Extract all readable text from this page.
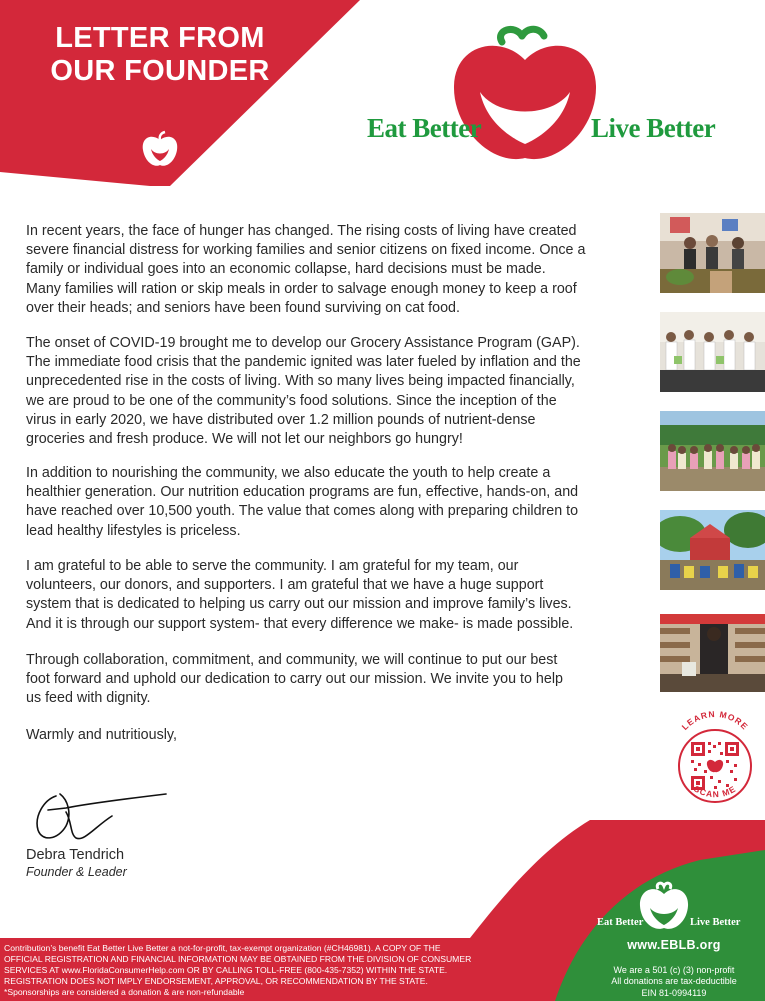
LETTER FROM
OUR FOUNDER
Eat Better	Live Better
In recent years, the face of hunger has changed. The rising costs of living have created
severe financial distress for working families and senior citizens on fixed income. Once a
family or individual goes into an economic collapse, hard decisions must be made.
Many families will ration or skip meals in order to salvage enough money to keep a roof
over their heads; and seniors have been found surviving on cat food.
The onset of COVID-19 brought me to develop our Grocery Assistance Program (GAP).
The immediate food crisis that the pandemic ignited was later fueled by inflation and the
unprecedented rise in the costs of living. With so many lives being impacted financially,
we are proud to be one of the community’s food solutions. Since the inception of the
virus in early 2020, we have distributed over 1.2 million pounds of nutrient-dense
groceries and fresh produce. We will not let our neighbors go hungry!
In addition to nourishing the community, we also educate the youth to help create a
healthier generation. Our nutrition education programs are fun, effective, hands-on, and
have reached over 10,500 youth. The value that comes along with preparing children to
lead healthy lifestyles is priceless.
I am grateful to be able to serve the community. I am grateful for my team, our
volunteers, our donors, and supporters. I am grateful that we have a huge support
system that is dedicated to helping us carry out our mission and improve family’s lives.
And it is through our support system- that every difference we make- is made possible.
Through collaboration, commitment, and community, we will continue to put our best
foot forward and uphold our dedication to carry out our mission. We invite you to help
us feed with dignity.
Warmly and nutritiously,
Debra Tendrich
Founder & Leader
LEARN MORE
SCAN ME
Contribution’s benefit Eat Better Live Better a not-for-profit, tax-exempt organization (#CH46981). A COPY OF THE
OFFICIAL REGISTRATION AND FINANCIAL INFORMATION MAY BE OBTAINED FROM THE DIVISION OF CONSUMER
SERVICES AT www.FloridaConsumerHelp.com OR BY CALLING TOLL-FREE (800-435-7352) WITHIN THE STATE.
REGISTRATION DOES NOT IMPLY ENDORSEMENT, APPROVAL, OR RECOMMENDATION BY THE STATE.
*Sponsorships are considered a donation & are non-refundable
Eat Better	Live Better
www.EBLB.org
We are a 501 (c) (3) non-profit
All donations are tax-deductible
EIN 81-0994119
